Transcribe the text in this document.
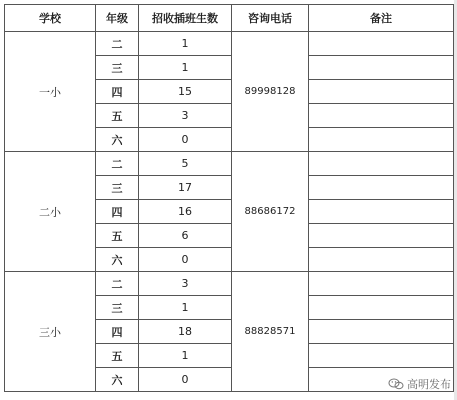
学校	年级	招收插班生数	咨询电话	备注
一小	二	1	89998128	
	三	1		
	四	15		
	五	3		
	六	0		
二小	二	5	88686172	
	三	17		
	四	16		
	五	6		
	六	0		
三小	二	3	88828571	
	三	1		
	四	18		
	五	1		
	六	0			高明发布
